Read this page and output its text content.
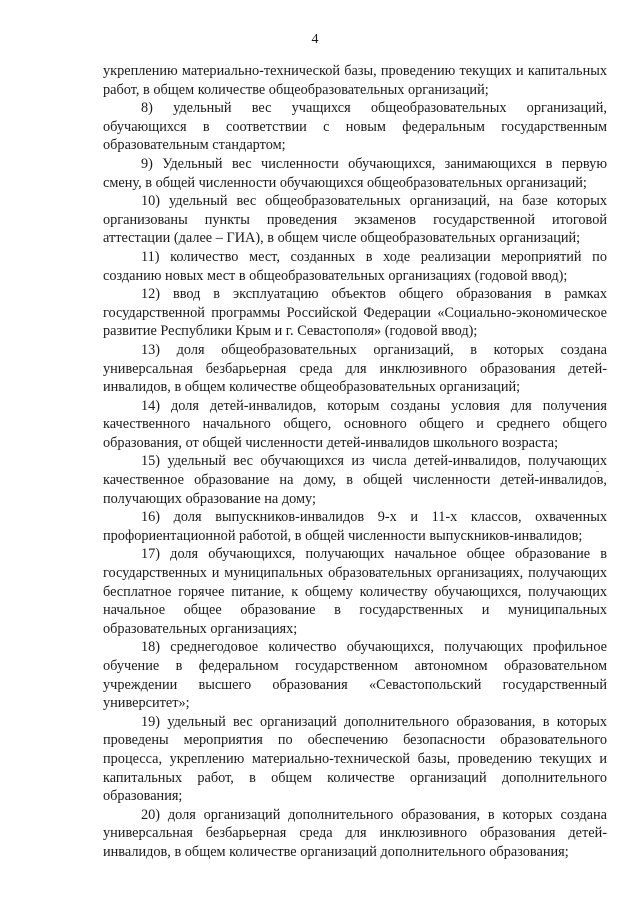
4

укреплению материально-технической базы, проведению текущих и капитальных работ, в общем количестве общеобразовательных организаций;

8) удельный вес учащихся общеобразовательных организаций, обучающихся в соответствии с новым федеральным государственным образовательным стандартом;

9) Удельный вес численности обучающихся, занимающихся в первую смену, в общей численности обучающихся общеобразовательных организаций;

10) удельный вес общеобразовательных организаций, на базе которых организованы пункты проведения экзаменов государственной итоговой аттестации (далее – ГИА), в общем числе общеобразовательных организаций;

11) количество мест, созданных в ходе реализации мероприятий по созданию новых мест в общеобразовательных организациях (годовой ввод);

12) ввод в эксплуатацию объектов общего образования в рамках государственной программы Российской Федерации «Социально-экономическое развитие Республики Крым и г. Севастополя» (годовой ввод);

13) доля общеобразовательных организаций, в которых создана универсальная безбарьерная среда для инклюзивного образования детей-инвалидов, в общем количестве общеобразовательных организаций;

14) доля детей-инвалидов, которым созданы условия для получения качественного начального общего, основного общего и среднего общего образования, от общей численности детей-инвалидов школьного возраста;

15) удельный вес обучающихся из числа детей-инвалидов, получающих качественное образование на дому, в общей численности детей-инвалидов, получающих образование на дому;

16) доля выпускников-инвалидов 9-х и 11-х классов, охваченных профориентационной работой, в общей численности выпускников-инвалидов;

17) доля обучающихся, получающих начальное общее образование в государственных и муниципальных образовательных организациях, получающих бесплатное горячее питание, к общему количеству обучающихся, получающих начальное общее образование в государственных и муниципальных образовательных организациях;

18) среднегодовое количество обучающихся, получающих профильное обучение в федеральном государственном автономном образовательном учреждении высшего образования «Севастопольский государственный университет»;

19) удельный вес организаций дополнительного образования, в которых проведены мероприятия по обеспечению безопасности образовательного процесса, укреплению материально-технической базы, проведению текущих и капитальных работ, в общем количестве организаций дополнительного образования;

20) доля организаций дополнительного образования, в которых создана универсальная безбарьерная среда для инклюзивного образования детей-инвалидов, в общем количестве организаций дополнительного образования;
